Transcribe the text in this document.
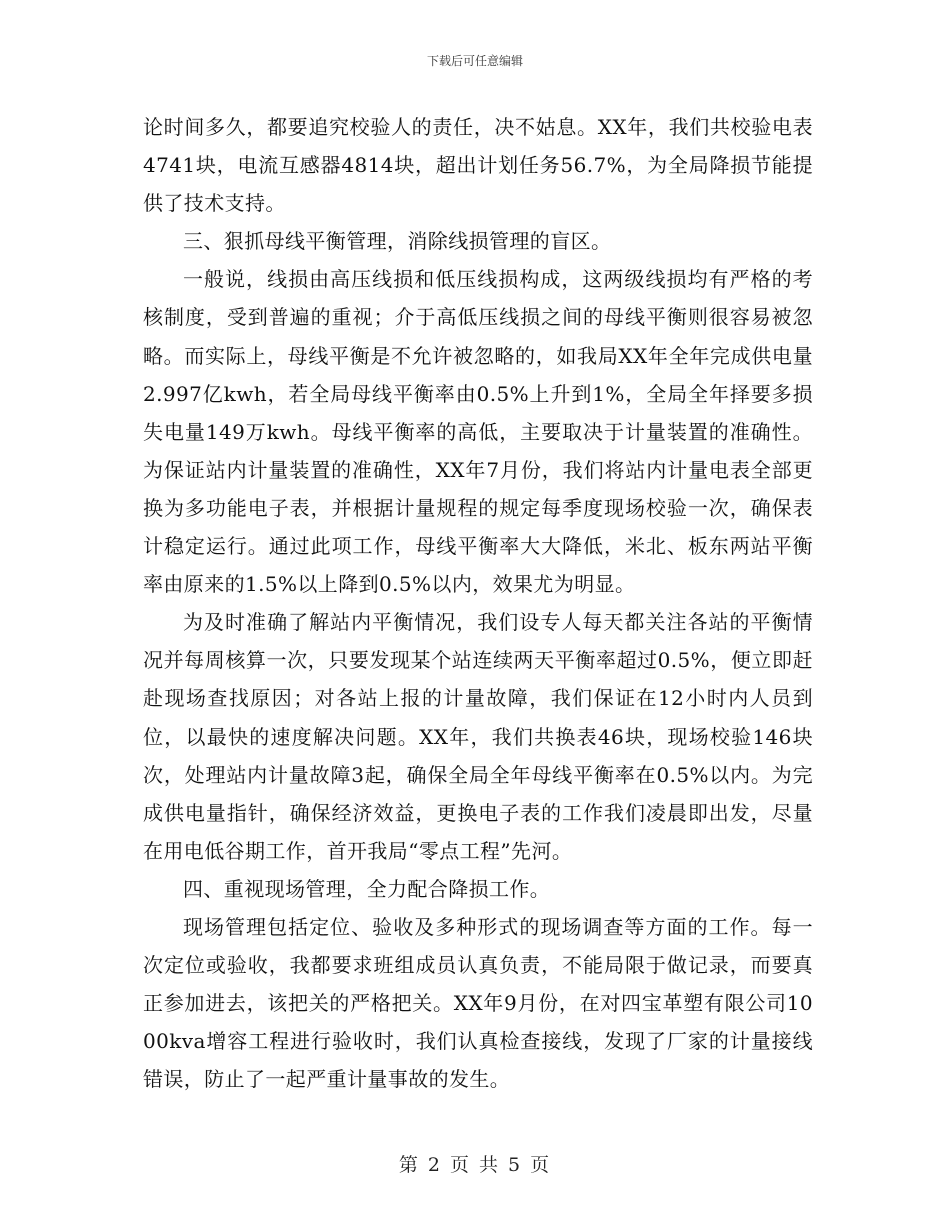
下载后可任意编辑

论时间多久，都要追究校验人的责任，决不姑息。XX年，我们共校验电表4741块，电流互感器4814块，超出计划任务56.7%，为全局降损节能提供了技术支持。

三、狠抓母线平衡管理，消除线损管理的盲区。

一般说，线损由高压线损和低压线损构成，这两级线损均有严格的考核制度，受到普遍的重视；介于高低压线损之间的母线平衡则很容易被忽略。而实际上，母线平衡是不允许被忽略的，如我局XX年全年完成供电量2.997亿kwh，若全局母线平衡率由0.5%上升到1%，全局全年择要多损失电量149万kwh。母线平衡率的高低，主要取决于计量装置的准确性。为保证站内计量装置的准确性，XX年7月份，我们将站内计量电表全部更换为多功能电子表，并根据计量规程的规定每季度现场校验一次，确保表计稳定运行。通过此项工作，母线平衡率大大降低，米北、板东两站平衡率由原来的1.5%以上降到0.5%以内，效果尤为明显。

为及时准确了解站内平衡情况，我们设专人每天都关注各站的平衡情况并每周核算一次，只要发现某个站连续两天平衡率超过0.5%，便立即赶赴现场查找原因；对各站上报的计量故障，我们保证在12小时内人员到位，以最快的速度解决问题。XX年，我们共换表46块，现场校验146块次，处理站内计量故障3起，确保全局全年母线平衡率在0.5%以内。为完成供电量指针，确保经济效益，更换电子表的工作我们凌晨即出发，尽量在用电低谷期工作，首开我局“零点工程”先河。

四、重视现场管理，全力配合降损工作。

现场管理包括定位、验收及多种形式的现场调查等方面的工作。每一次定位或验收，我都要求班组成员认真负责，不能局限于做记录，而要真正参加进去，该把关的严格把关。XX年9月份，在对四宝革塑有限公司1000kva增容工程进行验收时，我们认真检查接线，发现了厂家的计量接线错误，防止了一起严重计量事故的发生。

第 2 页 共 5 页
